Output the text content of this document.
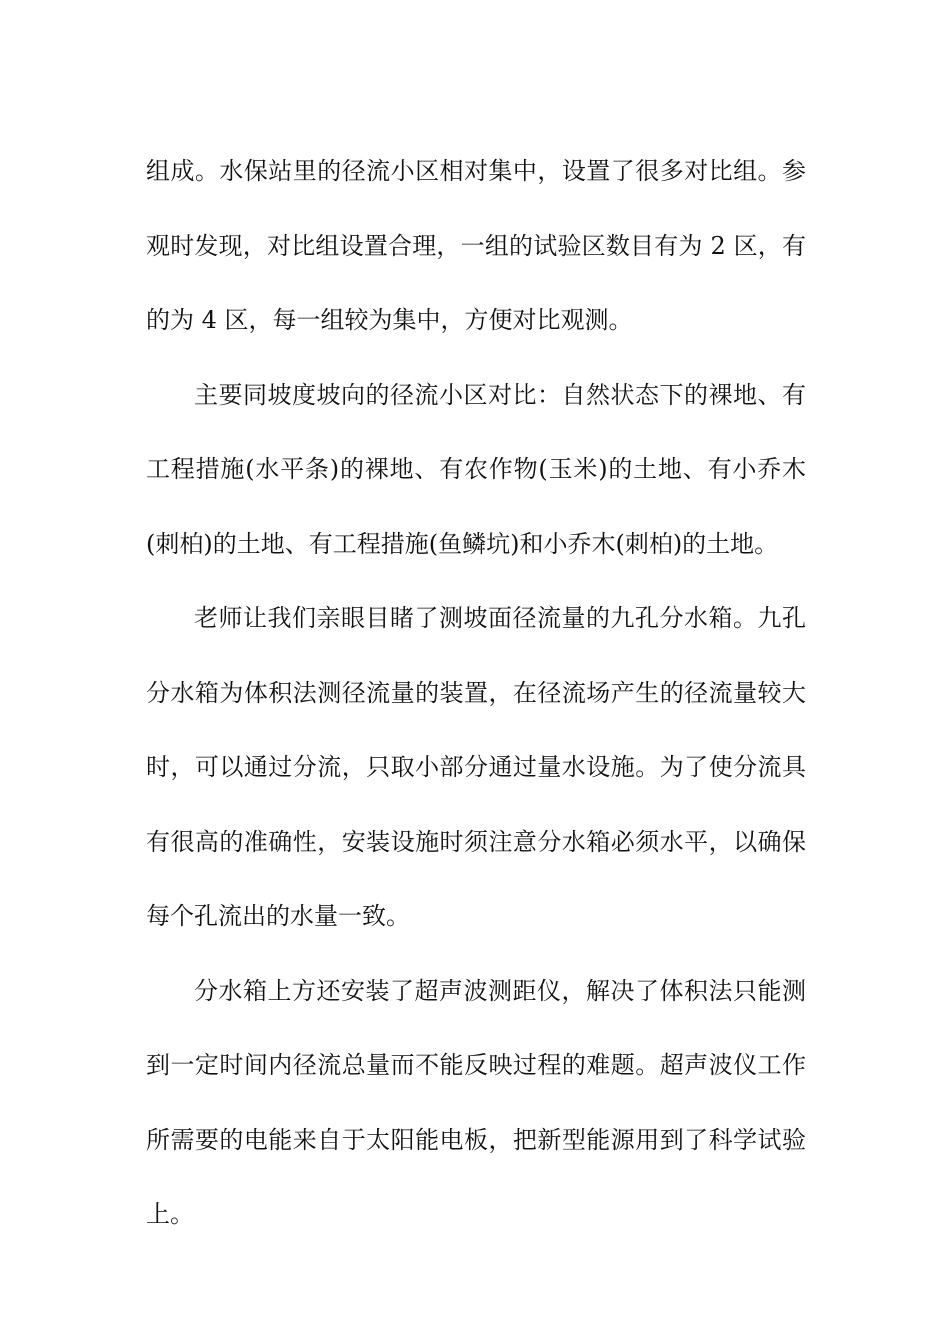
组成。水保站里的径流小区相对集中，设置了很多对比组。参观时发现，对比组设置合理，一组的试验区数目有为 2 区，有的为 4 区，每一组较为集中，方便对比观测。

主要同坡度坡向的径流小区对比：自然状态下的裸地、有工程措施(水平条)的裸地、有农作物(玉米)的土地、有小乔木(刺柏)的土地、有工程措施(鱼鳞坑)和小乔木(刺柏)的土地。

老师让我们亲眼目睹了测坡面径流量的九孔分水箱。九孔分水箱为体积法测径流量的装置，在径流场产生的径流量较大时，可以通过分流，只取小部分通过量水设施。为了使分流具有很高的准确性，安装设施时须注意分水箱必须水平，以确保每个孔流出的水量一致。

分水箱上方还安装了超声波测距仪，解决了体积法只能测到一定时间内径流总量而不能反映过程的难题。超声波仪工作所需要的电能来自于太阳能电板，把新型能源用到了科学试验上。
